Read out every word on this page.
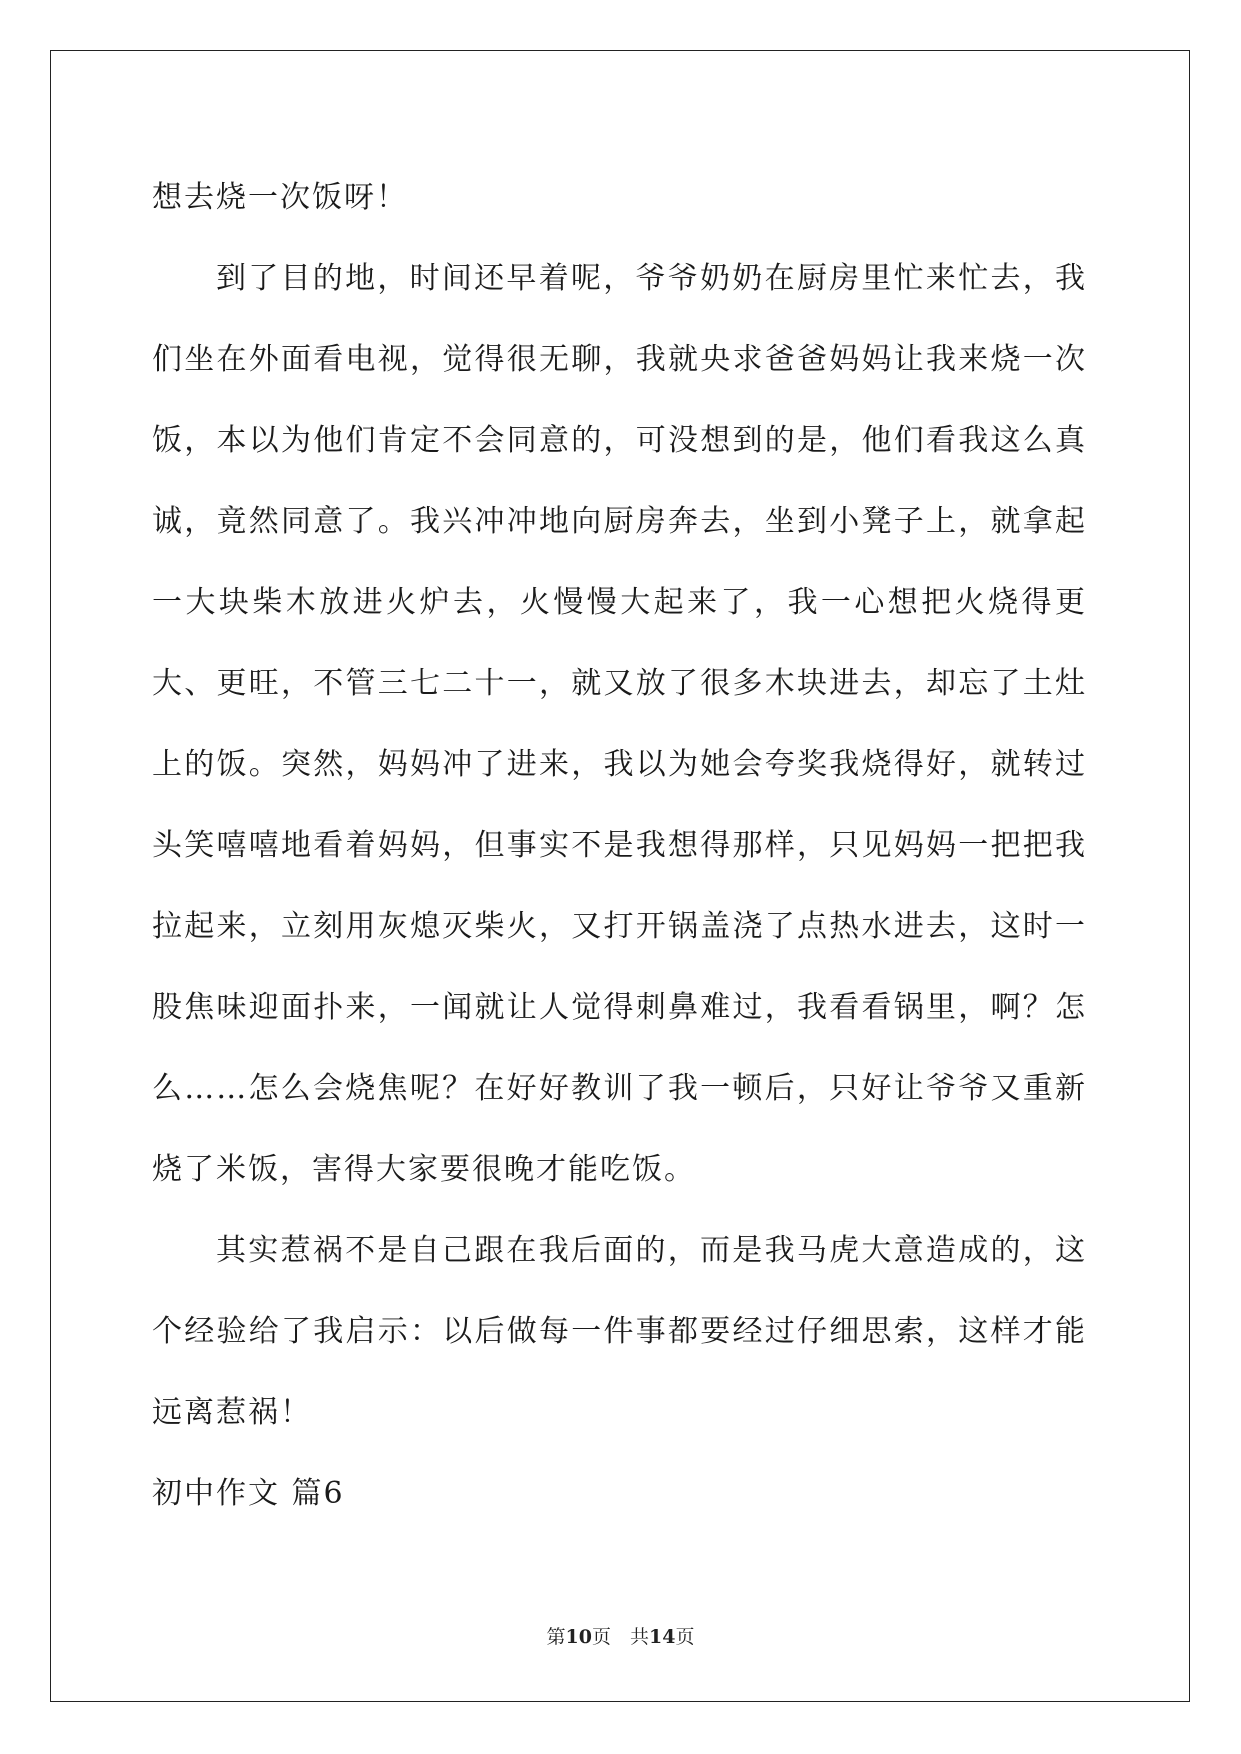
想去烧一次饭呀！

到了目的地，时间还早着呢，爷爷奶奶在厨房里忙来忙去，我们坐在外面看电视，觉得很无聊，我就央求爸爸妈妈让我来烧一次饭，本以为他们肯定不会同意的，可没想到的是，他们看我这么真诚，竟然同意了。我兴冲冲地向厨房奔去，坐到小凳子上，就拿起一大块柴木放进火炉去，火慢慢大起来了，我一心想把火烧得更大、更旺，不管三七二十一，就又放了很多木块进去，却忘了土灶上的饭。突然，妈妈冲了进来，我以为她会夸奖我烧得好，就转过头笑嘻嘻地看着妈妈，但事实不是我想得那样，只见妈妈一把把我拉起来，立刻用灰熄灭柴火，又打开锅盖浇了点热水进去，这时一股焦味迎面扑来，一闻就让人觉得刺鼻难过，我看看锅里，啊？怎么……怎么会烧焦呢？在好好教训了我一顿后，只好让爷爷又重新烧了米饭，害得大家要很晚才能吃饭。

其实惹祸不是自己跟在我后面的，而是我马虎大意造成的，这个经验给了我启示：以后做每一件事都要经过仔细思索，这样才能远离惹祸！

初中作文 篇6

第10页　共14页
